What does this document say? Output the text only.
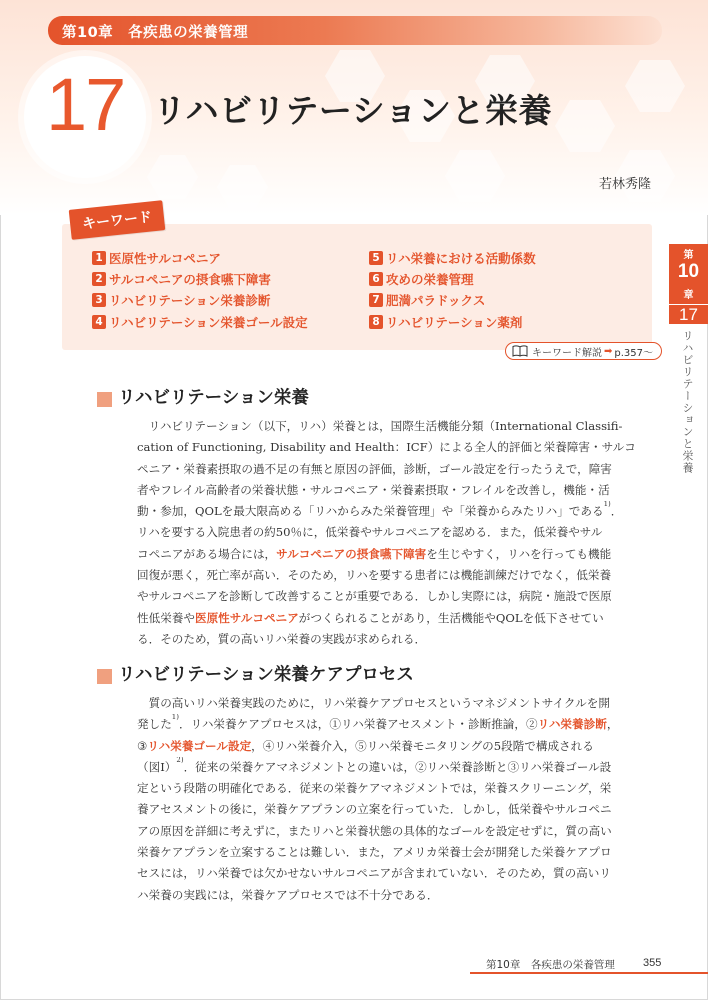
第10章　各疾患の栄養管理
17 リハビリテーションと栄養
若林秀隆
キーワード
1 医原性サルコペニア
2 サルコペニアの摂食嚥下障害
3 リハビリテーション栄養診断
4 リハビリテーション栄養ゴール設定
5 リハ栄養における活動係数
6 攻めの栄養管理
7 肥満パラドックス
8 リハビリテーション薬剤
キーワード解説 ➡ p.357〜
第
10
章
17
リハビリテーションと栄養
リハビリテーション栄養
　リハビリテーション（以下，リハ）栄養とは，国際生活機能分類（International Classifi-
cation of Functioning, Disability and Health：ICF）による全人的評価と栄養障害・サルコ
ペニア・栄養素摂取の過不足の有無と原因の評価，診断，ゴール設定を行ったうえで，障害
者やフレイル高齢者の栄養状態・サルコペニア・栄養素摂取・フレイルを改善し，機能・活
動・参加，QOLを最大限高める「リハからみた栄養管理」や「栄養からみたリハ」である$^{1)}$．
リハを要する入院患者の約50％に，低栄養やサルコペニアを認める．また，低栄養やサル
コペニアがある場合には，サルコペニアの摂食嚥下障害を生じやすく，リハを行っても機能
回復が悪く，死亡率が高い．そのため，リハを要する患者には機能訓練だけでなく，低栄養
やサルコペニアを診断して改善することが重要である．しかし実際には，病院・施設で医原
性低栄養や医原性サルコペニアがつくられることがあり，生活機能やQOLを低下させてい
る．そのため，質の高いリハ栄養の実践が求められる．
リハビリテーション栄養ケアプロセス
　質の高いリハ栄養実践のために，リハ栄養ケアプロセスというマネジメントサイクルを開
発した$^{1)}$．リハ栄養ケアプロセスは，①リハ栄養アセスメント・診断推論，②リハ栄養診断，
③リハ栄養ゴール設定，④リハ栄養介入，⑤リハ栄養モニタリングの5段階で構成される
（図Ⅰ）$^{2)}$．従来の栄養ケアマネジメントとの違いは，②リハ栄養診断と③リハ栄養ゴール設
定という段階の明確化である．従来の栄養ケアマネジメントでは，栄養スクリーニング，栄
養アセスメントの後に，栄養ケアプランの立案を行っていた．しかし，低栄養やサルコペニ
アの原因を詳細に考えずに，またリハと栄養状態の具体的なゴールを設定せずに，質の高い
栄養ケアプランを立案することは難しい．また，アメリカ栄養士会が開発した栄養ケアプロ
セスには，リハ栄養では欠かせないサルコペニアが含まれていない．そのため，質の高いリ
ハ栄養の実践には，栄養ケアプロセスでは不十分である．
第10章　各疾患の栄養管理	355
